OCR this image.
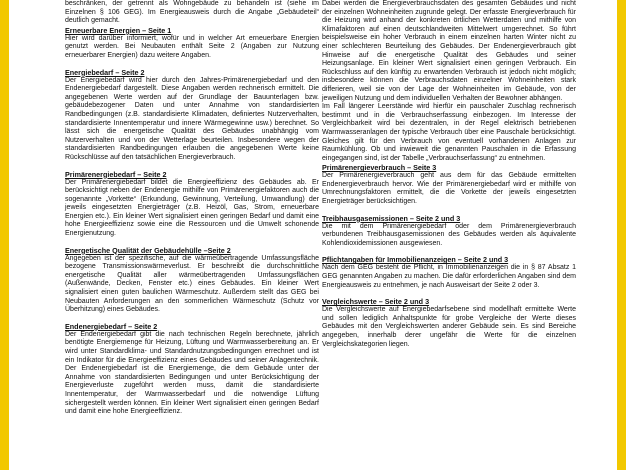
beschränken, der getrennt als Wohngebäude zu behandeln ist (siehe im Einzelnen § 106 GEG). Im Energieausweis durch die Angabe „Gebäudeteil“ deutlich gemacht.

Erneuerbare Energien – Seite 1

Hier wird darüber informiert, wofür und in welcher Art erneuerbare Energien genutzt werden. Bei Neubauten enthält Seite 2 (Angaben zur Nutzung erneuerbarer Energien) dazu weitere Angaben.

Energiebedarf – Seite 2

Der Energiebedarf wird hier durch den Jahres-Primärenergiebedarf und den Endenergiebedarf dargestellt. Diese Angaben werden rechnerisch ermittelt. Die angegebenen Werte werden auf der Grundlage der Bauunterlagen bzw. gebäudebezogener Daten und unter Annahme von standardisierten Randbedingungen (z.B. standardisierte Klimadaten, definiertes Nutzerverhalten, standardisierte Innentemperatur und innere Wärmegewinne usw.) berechnet. So lässt sich die energetische Qualität des Gebäudes unabhängig vom Nutzerverhalten und von der Wetterlage beurteilen. Insbesondere wegen der standardisierten Randbedingungen erlauben die angegebenen Werte keine Rückschlüsse auf den tatsächlichen Energieverbrauch.

Primärenergiebedarf – Seite 2

Der Primärenergiebedarf bildet die Energieeffizienz des Gebäudes ab. Er berücksichtigt neben der Endenergie mithilfe von Primärenergiefaktoren auch die sogenannte „Vorkette“ (Erkundung, Gewinnung, Verteilung, Umwandlung) der jeweils eingesetzten Energieträger (z.B. Heizöl, Gas, Strom, erneuerbare Energien etc.). Ein kleiner Wert signalisiert einen geringen Bedarf und damit eine hohe Energieeffizienz sowie eine die Ressourcen und die Umwelt schonende Energienutzung.

Energetische Qualität der Gebäudehülle –Seite 2

Angegeben ist der spezifische, auf die wärmeübertragende Umfassungsfläche bezogene Transmissionswärmeverlust. Er beschreibt die durchschnittliche energetische Qualität aller wärmeübertragenden Umfassungsflächen (Außenwände, Decken, Fenster etc.) eines Gebäudes. Ein kleiner Wert signalisiert einen guten baulichen Wärmeschutz. Außerdem stellt das GEG bei Neubauten Anforderungen an den sommerlichen Wärmeschutz (Schutz vor Überhitzung) eines Gebäudes.

Endenergiebedarf – Seite 2

Der Endenergiebedarf gibt die nach technischen Regeln berechnete, jährlich benötigte Energiemenge für Heizung, Lüftung und Warmwasserbereitung an. Er wird unter Standardklima- und Standardnutzungsbedingungen errechnet und ist ein Indikator für die Energieeffizienz eines Gebäudes und seiner Anlagentechnik. Der Endenergiebedarf ist die Energiemenge, die dem Gebäude unter der Annahme von standardisierten Bedingungen und unter Berücksichtigung der Energieverluste zugeführt werden muss, damit die standardisierte Innentemperatur, der Warmwasserbedarf und die notwendige Lüftung sichergestellt werden können. Ein kleiner Wert signalisiert einen geringen Bedarf und damit eine hohe Energieeffizienz.

Dabei werden die Energieverbrauchsdaten des gesamten Gebäudes und nicht der einzelnen Wohneinheiten zugrunde gelegt. Der erfasste Energieverbrauch für die Heizung wird anhand der konkreten örtlichen Wetterdaten und mithilfe von Klimafaktoren auf einen deutschlandweiten Mittelwert umgerechnet. So führt beispielsweise ein hoher Verbrauch in einem einzelnen harten Winter nicht zu einer schlechteren Beurteilung des Gebäudes. Der Endenergieverbrauch gibt Hinweise auf die energetische Qualität des Gebäudes und seiner Heizungsanlage. Ein kleiner Wert signalisiert einen geringen Verbrauch. Ein Rückschluss auf den künftig zu erwartenden Verbrauch ist jedoch nicht möglich; insbesondere können die Verbrauchsdaten einzelner Wohneinheiten stark differieren, weil sie von der Lage der Wohneinheiten im Gebäude, von der jeweiligen Nutzung und dem individuellen Verhalten der Bewohner abhängen.

Im Fall längerer Leerstände wird hierfür ein pauschaler Zuschlag rechnerisch bestimmt und in die Verbrauchserfassung einbezogen. Im Interesse der Vergleichbarkeit wird bei dezentralen, in der Regel elektrisch betriebenen Warmwasseranlagen der typische Verbrauch über eine Pauschale berücksichtigt. Gleiches gilt für den Verbrauch von eventuell vorhandenen Anlagen zur Raumkühlung. Ob und inwieweit die genannten Pauschalen in die Erfassung eingegangen sind, ist der Tabelle „Verbrauchserfassung“ zu entnehmen.

Primärenergieverbrauch – Seite 3

Der Primärenergieverbrauch geht aus dem für das Gebäude ermittelten Endenergieverbrauch hervor. Wie der Primärenergiebedarf wird er mithilfe von Umrechnungsfaktoren ermittelt, die die Vorkette der jeweils eingesetzten Energieträger berücksichtigen.

Treibhausgasemissionen – Seite 2 und 3

Die mit dem Primärenergiebedarf oder dem Primärenergieverbrauch verbundenen Treibhausgasemissionen des Gebäudes werden als äquivalente Kohlendioxidemissionen ausgewiesen.

Pflichtangaben für Immobilienanzeigen – Seite 2 und 3

Nach dem GEG besteht die Pflicht, in Immobilienanzeigen die in § 87 Absatz 1 GEG genannten Angaben zu machen. Die dafür erforderlichen Angaben sind dem Energieausweis zu entnehmen, je nach Ausweisart der Seite 2 oder 3.

Vergleichswerte – Seite 2 und 3

Die Vergleichswerte auf Energiebedarfsebene sind modellhaft ermittelte Werte und sollen lediglich Anhaltspunkte für grobe Vergleiche der Werte dieses Gebäudes mit den Vergleichswerten anderer Gebäude sein. Es sind Bereiche angegeben, innerhalb derer ungefähr die Werte für die einzelnen Vergleichskategorien liegen.
